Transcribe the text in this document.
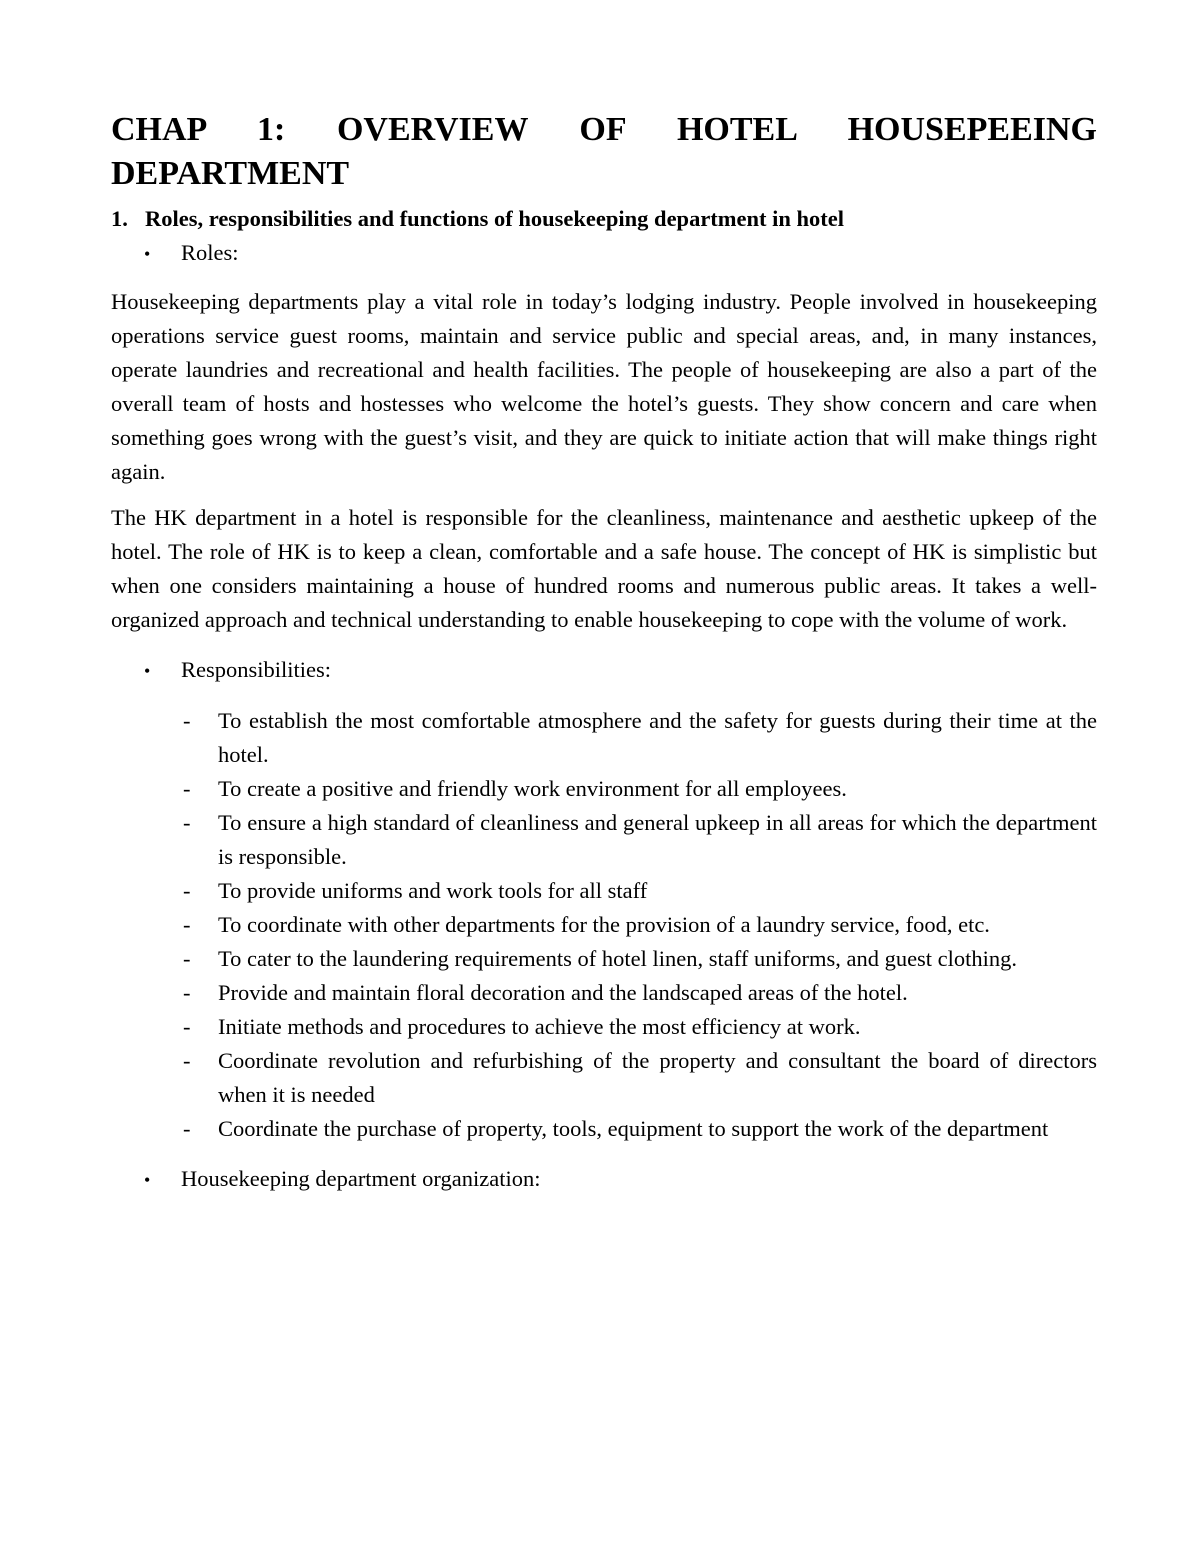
CHAP 1: OVERVIEW OF HOTEL HOUSEPEEING DEPARTMENT
1. Roles, responsibilities and functions of housekeeping department in hotel
•	Roles:

Housekeeping departments play a vital role in today’s lodging industry. People involved in housekeeping operations service guest rooms, maintain and service public and special areas, and, in many instances, operate laundries and recreational and health facilities. The people of housekeeping are also a part of the overall team of hosts and hostesses who welcome the hotel’s guests. They show concern and care when something goes wrong with the guest’s visit, and they are quick to initiate action that will make things right again.

The HK department in a hotel is responsible for the cleanliness, maintenance and aesthetic upkeep of the hotel. The role of HK is to keep a clean, comfortable and a safe house. The concept of HK is simplistic but when one considers maintaining a house of hundred rooms and numerous public areas. It takes a well-organized approach and technical understanding to enable housekeeping to cope with the volume of work.

•	Responsibilities:
-	To establish the most comfortable atmosphere and the safety for guests during their time at the hotel.
-	To create a positive and friendly work environment for all employees.
-	To ensure a high standard of cleanliness and general upkeep in all areas for which the department is responsible.
-	To provide uniforms and work tools for all staff
-	To coordinate with other departments for the provision of a laundry service, food, etc.
-	To cater to the laundering requirements of hotel linen, staff uniforms, and guest clothing.
-	Provide and maintain floral decoration and the landscaped areas of the hotel.
-	Initiate methods and procedures to achieve the most efficiency at work.
-	Coordinate revolution and refurbishing of the property and consultant the board of directors when it is needed
-	Coordinate the purchase of property, tools, equipment to support the work of the department
•	Housekeeping department organization:
